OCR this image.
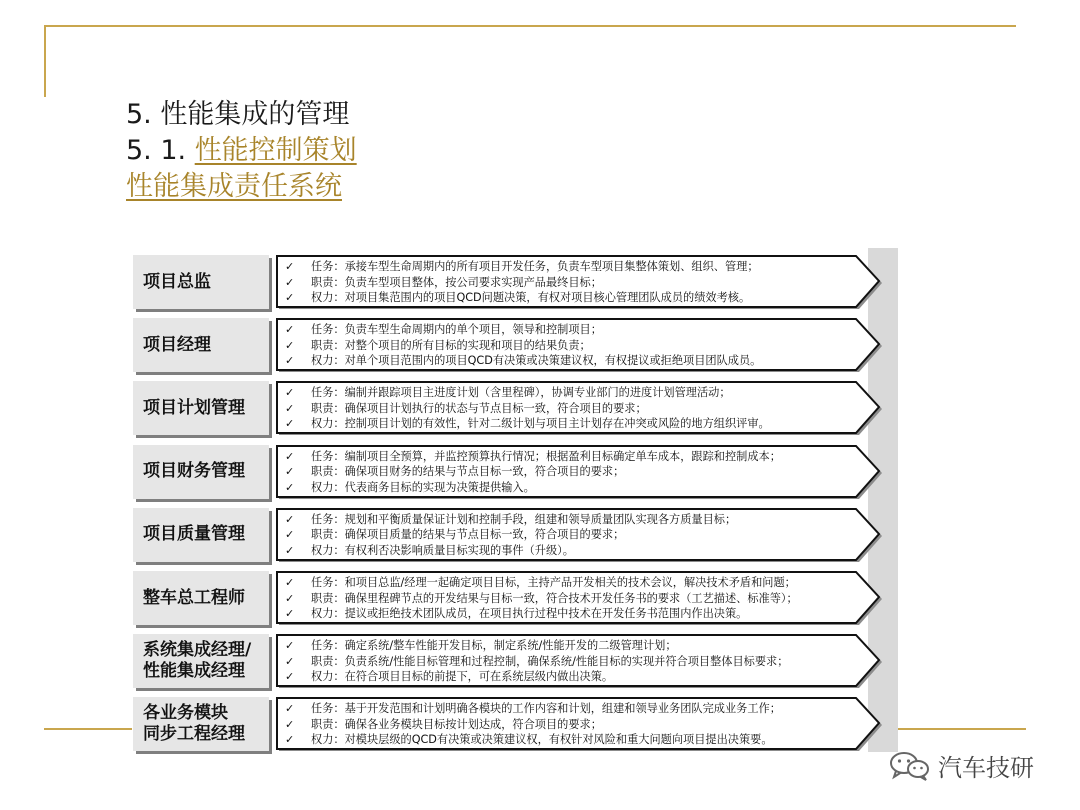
5. 性能集成的管理
5. 1. 性能控制策划
性能集成责任系统
项目总监
✓	任务：承接车型生命周期内的所有项目开发任务，负责车型项目集整体策划、组织、管理；
✓	职责：负责车型项目整体，按公司要求实现产品最终目标；
✓	权力：对项目集范围内的项目QCD问题决策，有权对项目核心管理团队成员的绩效考核。
项目经理
✓	任务：负责车型生命周期内的单个项目，领导和控制项目；
✓	职责：对整个项目的所有目标的实现和项目的结果负责；
✓	权力：对单个项目范围内的项目QCD有决策或决策建议权，有权提议或拒绝项目团队成员。
项目计划管理
✓	任务：编制并跟踪项目主进度计划（含里程碑），协调专业部门的进度计划管理活动；
✓	职责：确保项目计划执行的状态与节点目标一致，符合项目的要求；
✓	权力：控制项目计划的有效性，针对二级计划与项目主计划存在冲突或风险的地方组织评审。
项目财务管理
✓	任务：编制项目全预算，并监控预算执行情况；根据盈利目标确定单车成本，跟踪和控制成本；
✓	职责：确保项目财务的结果与节点目标一致，符合项目的要求；
✓	权力：代表商务目标的实现为决策提供输入。
项目质量管理
✓	任务：规划和平衡质量保证计划和控制手段，组建和领导质量团队实现各方质量目标；
✓	职责：确保项目质量的结果与节点目标一致，符合项目的要求；
✓	权力：有权利否决影响质量目标实现的事件（升级）。
整车总工程师
✓	任务：和项目总监/经理一起确定项目目标，主持产品开发相关的技术会议，解决技术矛盾和问题；
✓	职责：确保里程碑节点的开发结果与目标一致，符合技术开发任务书的要求（工艺描述、标准等）；
✓	权力：提议或拒绝技术团队成员，在项目执行过程中技术在开发任务书范围内作出决策。
系统集成经理/
性能集成经理
✓	任务：确定系统/整车性能开发目标，制定系统/性能开发的二级管理计划；
✓	职责：负责系统/性能目标管理和过程控制，确保系统/性能目标的实现并符合项目整体目标要求；
✓	权力：在符合项目目标的前提下，可在系统层级内做出决策。
各业务模块
同步工程经理
✓	任务：基于开发范围和计划明确各模块的工作内容和计划，组建和领导业务团队完成业务工作；
✓	职责：确保各业务模块目标按计划达成，符合项目的要求；
✓	权力：对模块层级的QCD有决策或决策建议权，有权针对风险和重大问题向项目提出决策要。
汽车技研
